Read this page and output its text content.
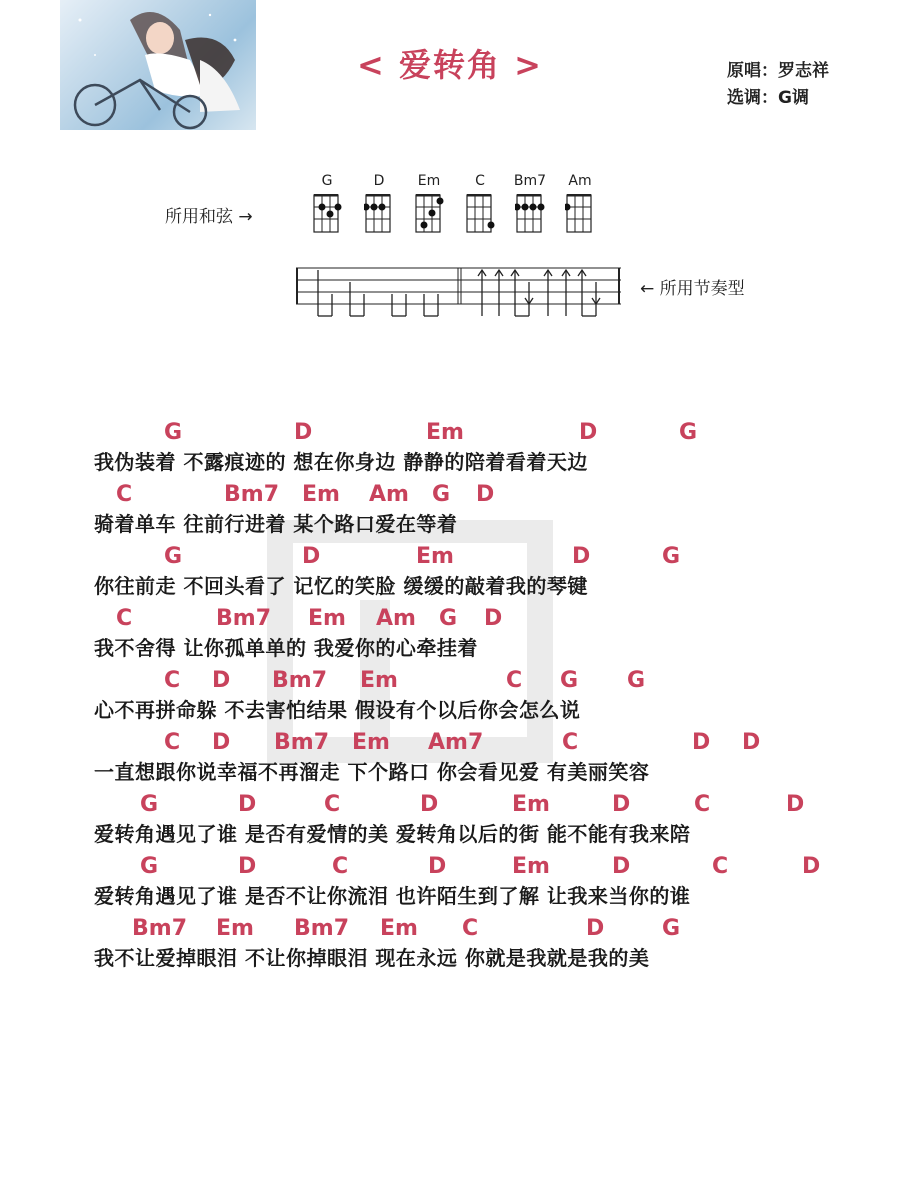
< 爱转角 >	原唱：罗志祥
选调：G调
所用和弦 →
← 所用节奏型
G	D	Em	C	Bm7	Am
G	D	Em	D	G
我伪装着 不露痕迹的 想在你身边 静静的陪着看着天边
C	Bm7 Em Am G D
骑着单车 往前行进着 某个路口爱在等着
G	D	Em	D	G
你往前走 不回头看了 记忆的笑脸 缓缓的敲着我的琴键
C	Bm7 Em Am G D
我不舍得 让你孤单单的 我爱你的心牵挂着
C D Bm7 Em	C G G
心不再拼命躲 不去害怕结果 假设有个以后你会怎么说
C D Bm7 Em Am7	C	D D
一直想跟你说幸福不再溜走 下个路口 你会看见爱 有美丽笑容
G	D	C	D	Em	D	C	D
爱转角遇见了谁 是否有爱情的美 爱转角以后的街 能不能有我来陪
G	D	C	D	Em	D	C	D
爱转角遇见了谁 是否不让你流泪 也许陌生到了解 让我来当你的谁
Bm7 Em Bm7 Em C	D	G
我不让爱掉眼泪 不让你掉眼泪 现在永远 你就是我就是我的美
